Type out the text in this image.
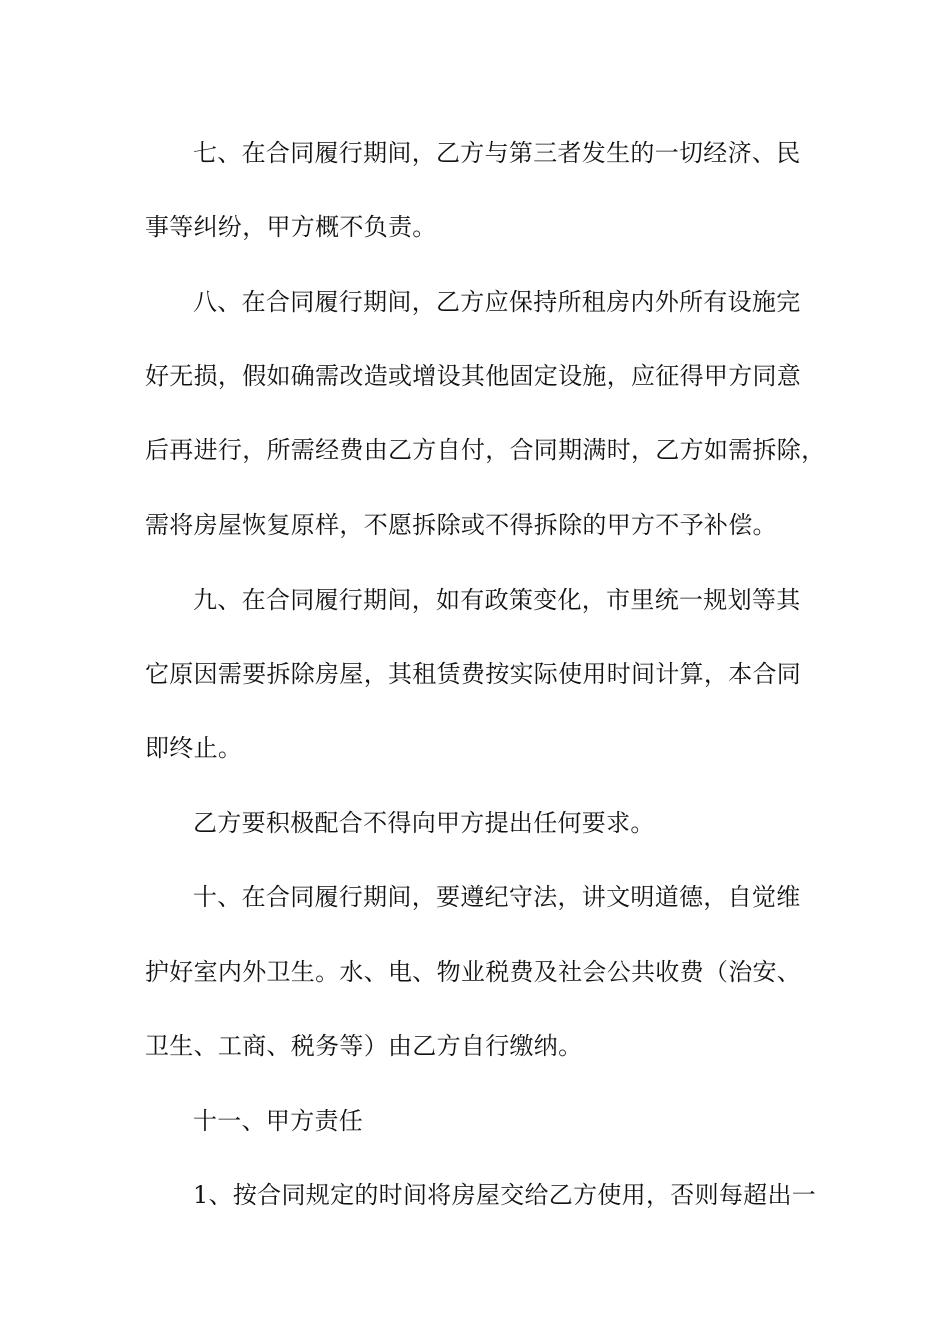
七、在合同履行期间，乙方与第三者发生的一切经济、民
事等纠纷，甲方概不负责。
八、在合同履行期间，乙方应保持所租房内外所有设施完
好无损，假如确需改造或增设其他固定设施，应征得甲方同意
后再进行，所需经费由乙方自付，合同期满时，乙方如需拆除，
需将房屋恢复原样，不愿拆除或不得拆除的甲方不予补偿。
九、在合同履行期间，如有政策变化，市里统一规划等其
它原因需要拆除房屋，其租赁费按实际使用时间计算，本合同
即终止。
乙方要积极配合不得向甲方提出任何要求。
十、在合同履行期间，要遵纪守法，讲文明道德，自觉维
护好室内外卫生。水、电、物业税费及社会公共收费（治安、
卫生、工商、税务等）由乙方自行缴纳。
十一、甲方责任
1、按合同规定的时间将房屋交给乙方使用，否则每超出一
